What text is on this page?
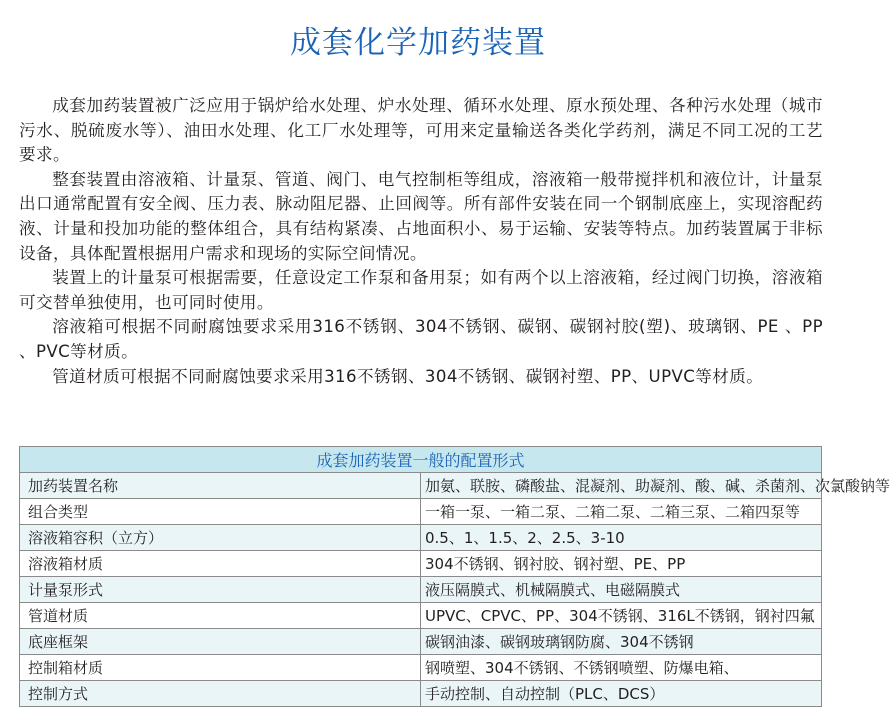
成套化学加药装置

成套加药装置被广泛应用于锅炉给水处理、炉水处理、循环水处理、原水预处理、各种污水处理（城市污水、脱硫废水等）、油田水处理、化工厂水处理等，可用来定量输送各类化学药剂，满足不同工况的工艺要求。

整套装置由溶液箱、计量泵、管道、阀门、电气控制柜等组成，溶液箱一般带搅拌机和液位计，计量泵出口通常配置有安全阀、压力表、脉动阻尼器、止回阀等。所有部件安装在同一个钢制底座上，实现溶配药液、计量和投加功能的整体组合，具有结构紧凑、占地面积小、易于运输、安装等特点。加药装置属于非标设备，具体配置根据用户需求和现场的实际空间情况。

装置上的计量泵可根据需要，任意设定工作泵和备用泵；如有两个以上溶液箱，经过阀门切换，溶液箱可交替单独使用，也可同时使用。

溶液箱可根据不同耐腐蚀要求采用316不锈钢、304不锈钢、碳钢、碳钢衬胶(塑)、玻璃钢、PE 、PP 、PVC等材质。

管道材质可根据不同耐腐蚀要求采用316不锈钢、304不锈钢、碳钢衬塑、PP、UPVC等材质。

成套加药装置一般的配置形式	
加药装置名称	加氨、联胺、磷酸盐、混凝剂、助凝剂、酸、碱、杀菌剂、次氯酸钠等
组合类型	一箱一泵、一箱二泵、二箱二泵、二箱三泵、二箱四泵等
溶液箱容积（立方）	0.5、1、1.5、2、2.5、3-10
溶液箱材质	304不锈钢、钢衬胶、钢衬塑、PE、PP
计量泵形式	液压隔膜式、机械隔膜式、电磁隔膜式
管道材质	UPVC、CPVC、PP、304不锈钢、316L不锈钢，钢衬四氟
底座框架	碳钢油漆、碳钢玻璃钢防腐、304不锈钢
控制箱材质	钢喷塑、304不锈钢、不锈钢喷塑、防爆电箱、
控制方式	手动控制、自动控制（PLC、DCS）
